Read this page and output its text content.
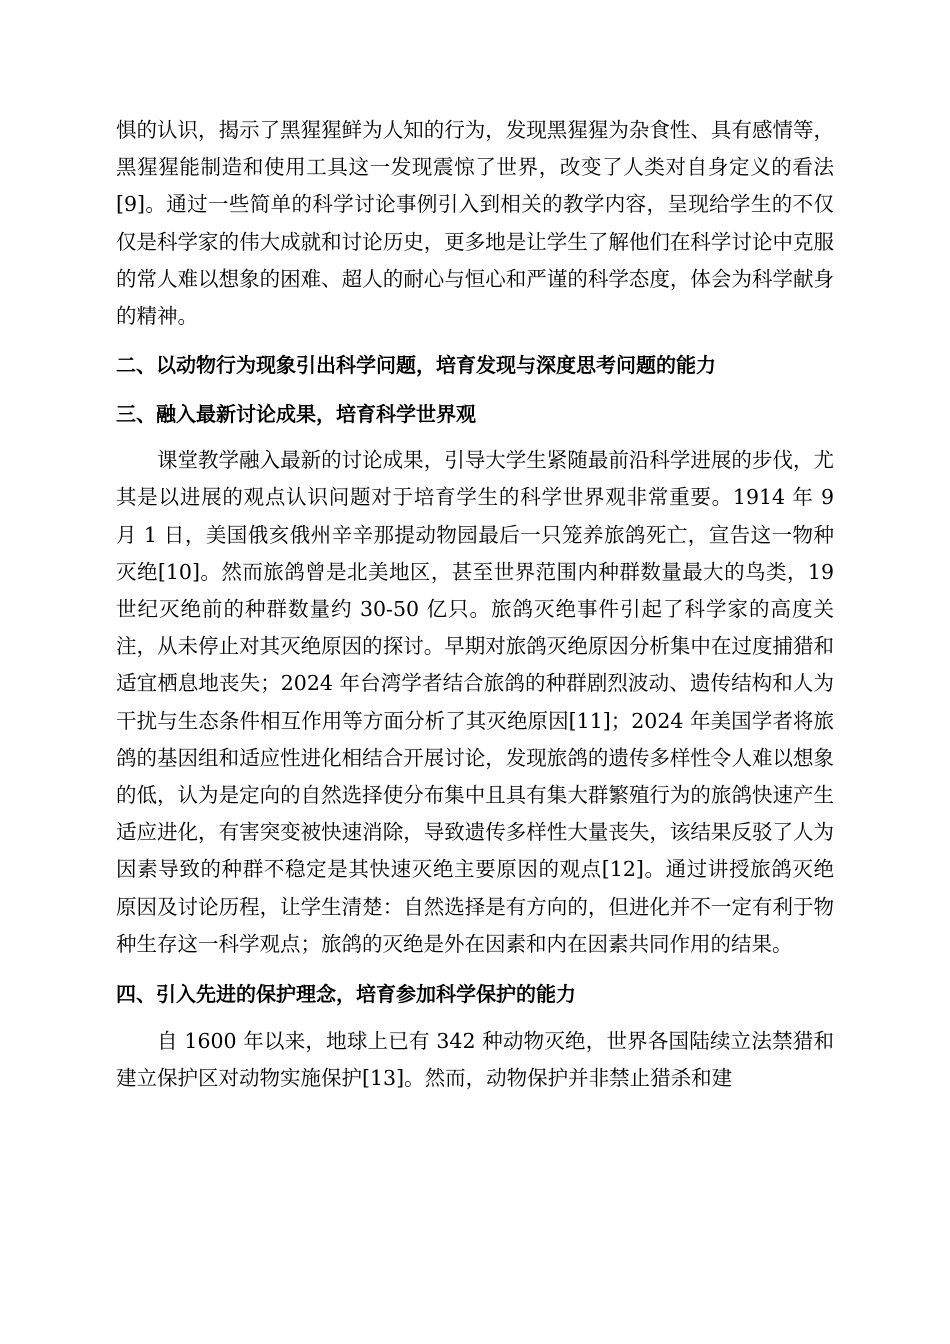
惧的认识，揭示了黑猩猩鲜为人知的行为，发现黑猩猩为杂食性、具有感情等，黑猩猩能制造和使用工具这一发现震惊了世界，改变了人类对自身定义的看法[9]。通过一些简单的科学讨论事例引入到相关的教学内容，呈现给学生的不仅仅是科学家的伟大成就和讨论历史，更多地是让学生了解他们在科学讨论中克服的常人难以想象的困难、超人的耐心与恒心和严谨的科学态度，体会为科学献身的精神。

二、以动物行为现象引出科学问题，培育发现与深度思考问题的能力
三、融入最新讨论成果，培育科学世界观

课堂教学融入最新的讨论成果，引导大学生紧随最前沿科学进展的步伐，尤其是以进展的观点认识问题对于培育学生的科学世界观非常重要。1914 年 9 月 1 日，美国俄亥俄州辛辛那提动物园最后一只笼养旅鸽死亡，宣告这一物种灭绝[10]。然而旅鸽曾是北美地区，甚至世界范围内种群数量最大的鸟类，19 世纪灭绝前的种群数量约 30-50 亿只。旅鸽灭绝事件引起了科学家的高度关注，从未停止对其灭绝原因的探讨。早期对旅鸽灭绝原因分析集中在过度捕猎和适宜栖息地丧失；2024 年台湾学者结合旅鸽的种群剧烈波动、遗传结构和人为干扰与生态条件相互作用等方面分析了其灭绝原因[11]；2024 年美国学者将旅鸽的基因组和适应性进化相结合开展讨论，发现旅鸽的遗传多样性令人难以想象的低，认为是定向的自然选择使分布集中且具有集大群繁殖行为的旅鸽快速产生适应进化，有害突变被快速消除，导致遗传多样性大量丧失，该结果反驳了人为因素导致的种群不稳定是其快速灭绝主要原因的观点[12]。通过讲授旅鸽灭绝原因及讨论历程，让学生清楚：自然选择是有方向的，但进化并不一定有利于物种生存这一科学观点；旅鸽的灭绝是外在因素和内在因素共同作用的结果。

四、引入先进的保护理念，培育参加科学保护的能力

自 1600 年以来，地球上已有 342 种动物灭绝，世界各国陆续立法禁猎和建立保护区对动物实施保护[13]。然而，动物保护并非禁止猎杀和建
